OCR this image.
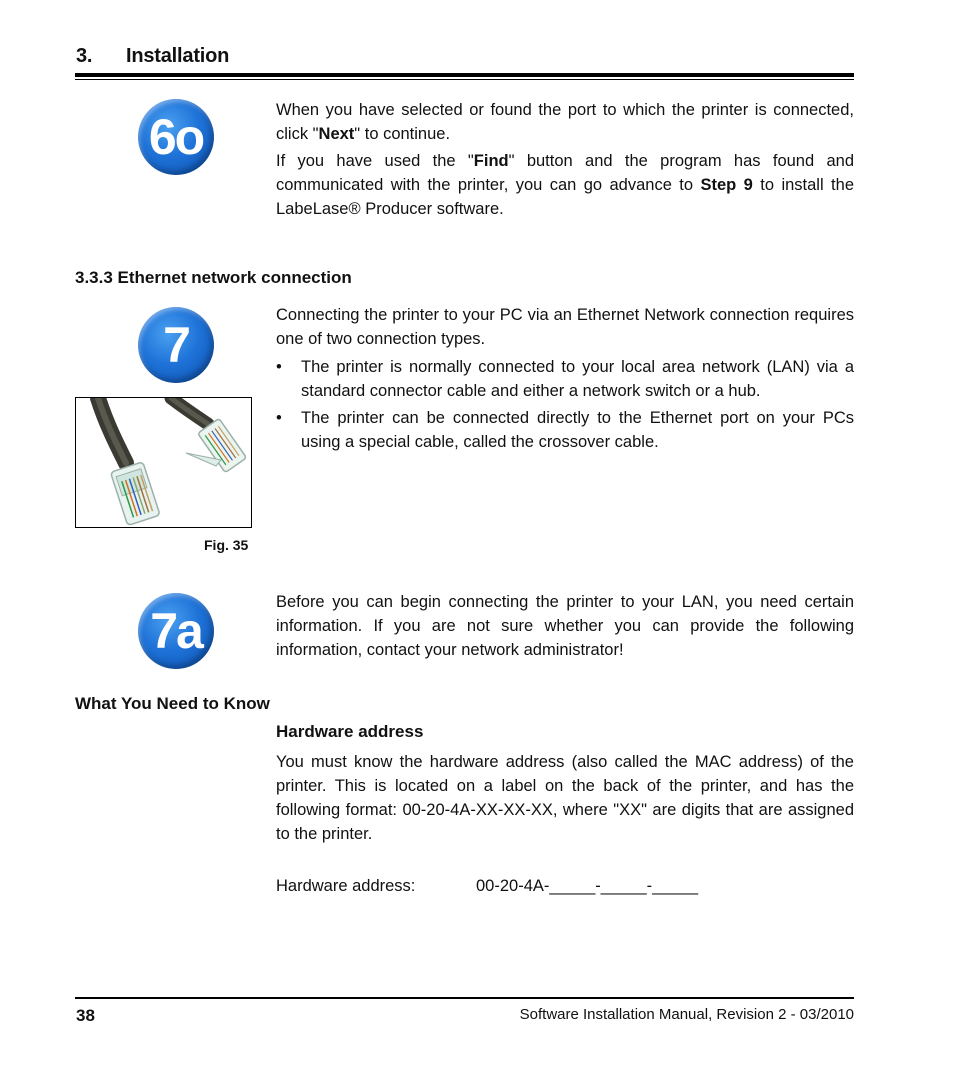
3. Installation
6o	When you have selected or found the port to which the printer is connected, click "Next" to continue.
If you have used the "Find" button and the program has found and communicated with the printer, you can go advance to Step 9 to install the LabeLase® Producer software.
3.3.3 Ethernet network connection
7
Connecting the printer to your PC via an Ethernet Network connection requires one of two connection types.
• The printer is normally connected to your local area network (LAN) via a standard connector cable and either a network switch or a hub.
• The printer can be connected directly to the Ethernet port on your PCs using a special cable, called the crossover cable.
Fig. 35
7a
Before you can begin connecting the printer to your LAN, you need certain information. If you are not sure whether you can provide the following information, contact your network administrator!
What You Need to Know
Hardware address
You must know the hardware address (also called the MAC address) of the printer. This is located on a label on the back of the printer, and has the following format: 00-20-4A-XX-XX-XX, where "XX" are digits that are assigned to the printer.
Hardware address:	00-20-4A-_____-_____-_____
38	Software Installation Manual, Revision 2 - 03/2010
